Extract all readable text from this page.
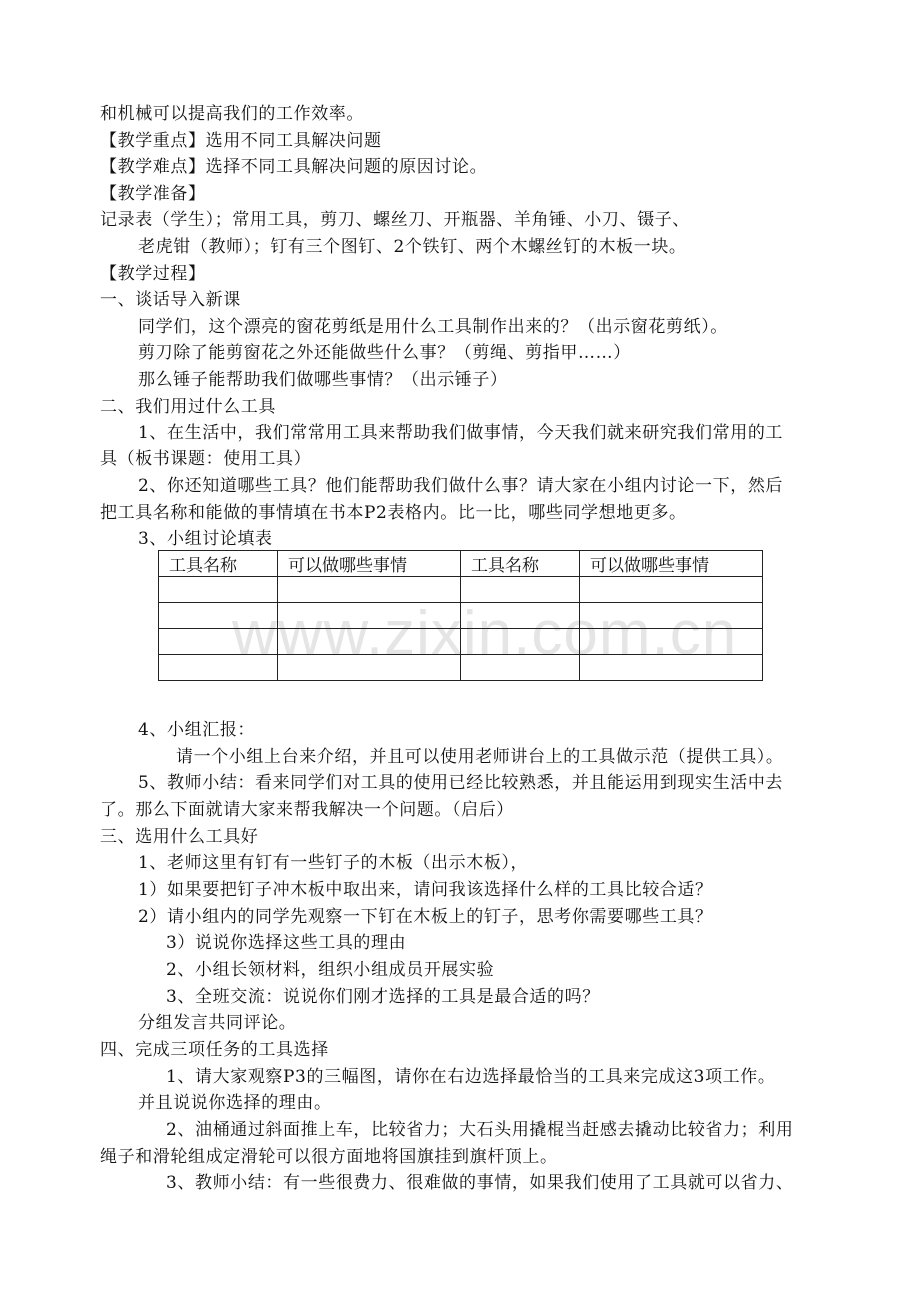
www.zixin.com.cn
和机械可以提高我们的工作效率。
【教学重点】选用不同工具解决问题
【教学难点】选择不同工具解决问题的原因讨论。
【教学准备】
记录表（学生）；常用工具，剪刀、螺丝刀、开瓶器、羊角锤、小刀、镊子、
老虎钳（教师）；钉有三个图钉、2个铁钉、两个木螺丝钉的木板一块。
【教学过程】
一、谈话导入新课
同学们，这个漂亮的窗花剪纸是用什么工具制作出来的？（出示窗花剪纸）。
剪刀除了能剪窗花之外还能做些什么事？（剪绳、剪指甲……）
那么锤子能帮助我们做哪些事情？（出示锤子）
二、我们用过什么工具
1、在生活中，我们常常用工具来帮助我们做事情，今天我们就来研究我们常用的工
具（板书课题：使用工具）
2、你还知道哪些工具？他们能帮助我们做什么事？请大家在小组内讨论一下，然后
把工具名称和能做的事情填在书本P2表格内。比一比，哪些同学想地更多。
3、小组讨论填表
工具名称	可以做哪些事情	工具名称	可以做哪些事情

4、小组汇报：
请一个小组上台来介绍，并且可以使用老师讲台上的工具做示范（提供工具）。
5、教师小结：看来同学们对工具的使用已经比较熟悉，并且能运用到现实生活中去
了。那么下面就请大家来帮我解决一个问题。（启后）
三、选用什么工具好
1、老师这里有钉有一些钉子的木板（出示木板），
1）如果要把钉子冲木板中取出来，请问我该选择什么样的工具比较合适？
2）请小组内的同学先观察一下钉在木板上的钉子，思考你需要哪些工具？
3）说说你选择这些工具的理由
2、小组长领材料，组织小组成员开展实验
3、全班交流：说说你们刚才选择的工具是最合适的吗？
分组发言共同评论。
四、完成三项任务的工具选择
1、请大家观察P3的三幅图，请你在右边选择最恰当的工具来完成这3项工作。
并且说说你选择的理由。
2、油桶通过斜面推上车，比较省力；大石头用撬棍当赶感去撬动比较省力；利用
绳子和滑轮组成定滑轮可以很方面地将国旗挂到旗杆顶上。
3、教师小结：有一些很费力、很难做的事情，如果我们使用了工具就可以省力、
